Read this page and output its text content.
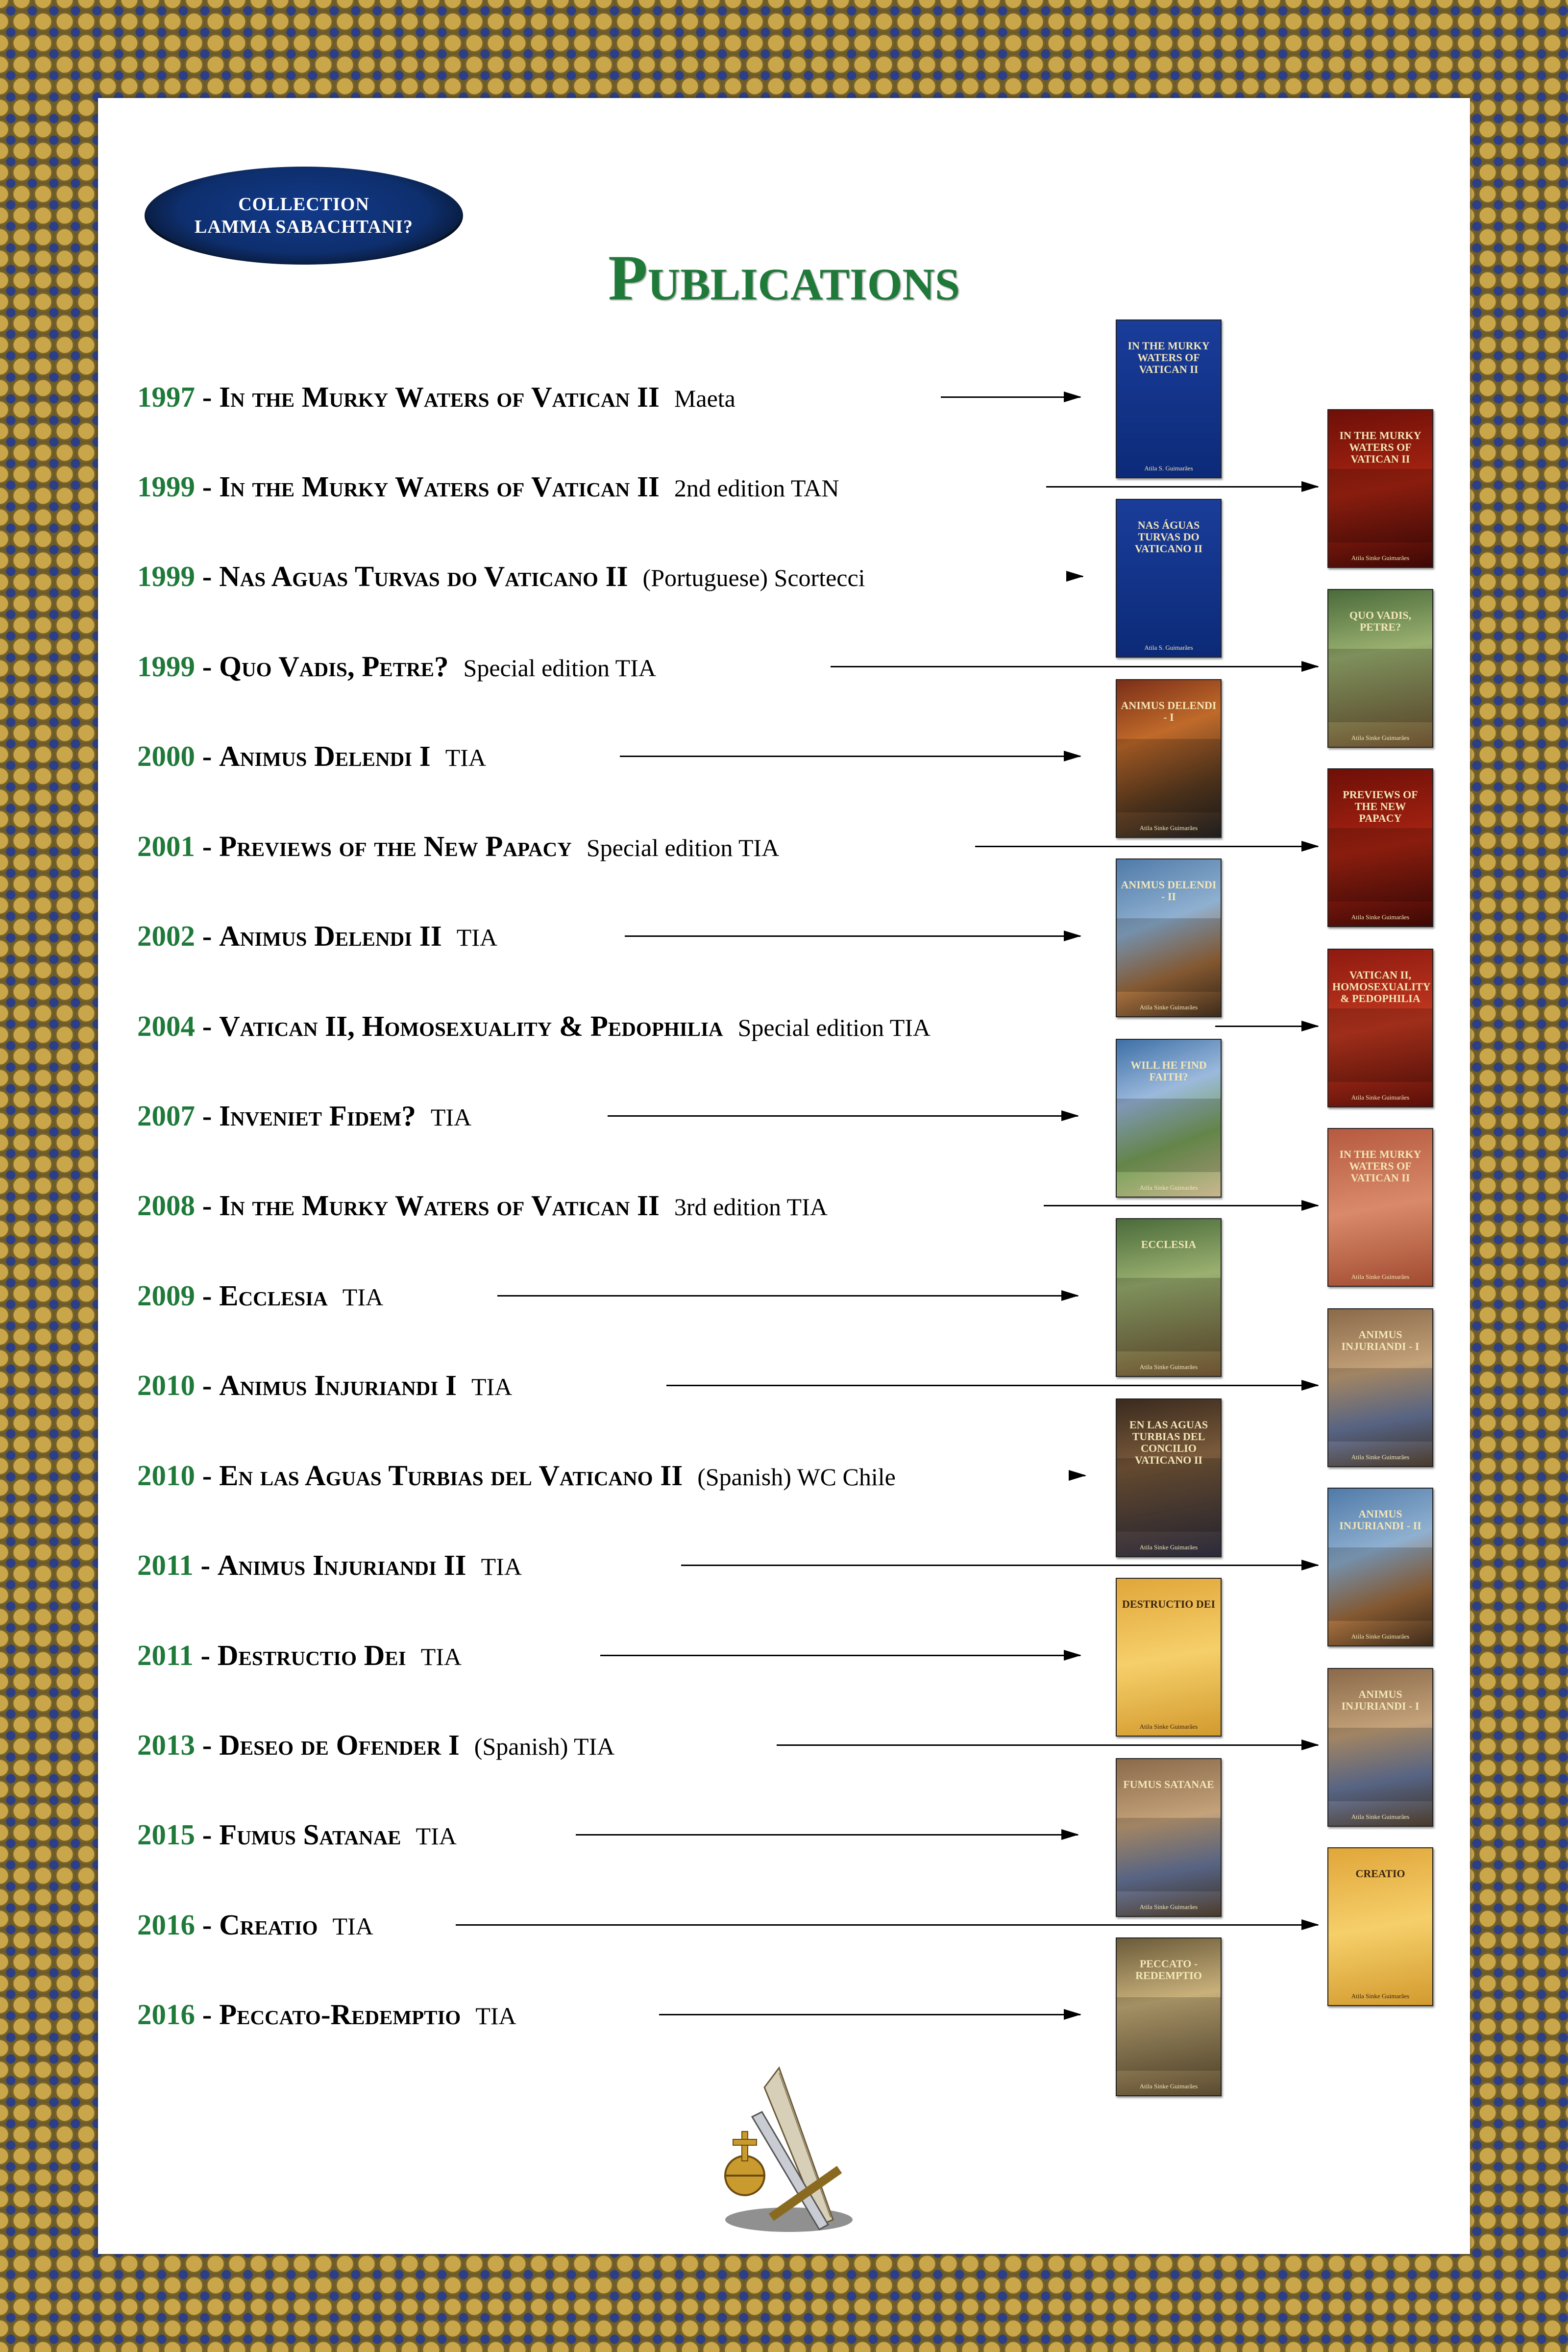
COLLECTION
LAMMA SABACHTANI?
Publications
1997 - In the Murky Waters of Vatican II Maeta
1999 - In the Murky Waters of Vatican II 2nd edition TAN
1999 - Nas Aguas Turvas do Vaticano II (Portuguese) Scortecci
1999 - Quo Vadis, Petre? Special edition TIA
2000 - Animus Delendi I TIA
2001 - Previews of the New Papacy Special edition TIA
2002 - Animus Delendi II TIA
2004 - Vatican II, Homosexuality & Pedophilia Special edition TIA
2007 - Inveniet Fidem? TIA
2008 - In the Murky Waters of Vatican II 3rd edition TIA
2009 - Ecclesia TIA
2010 - Animus Injuriandi I TIA
2010 - En las Aguas Turbias del Vaticano II (Spanish) WC Chile
2011 - Animus Injuriandi II TIA
2011 - Destructio Dei TIA
2013 - Deseo de Ofender I (Spanish) TIA
2015 - Fumus Satanae TIA
2016 - Creatio TIA
2016 - Peccato-Redemptio TIA
IN THE MURKY WATERS OF VATICAN II
Atila S. Guimarães
NAS ÁGUAS TURVAS DO VATICANO II
Atila S. Guimarães
ANIMUS DELENDI - I
Atila Sinke Guimarães
ANIMUS DELENDI - II
Atila Sinke Guimarães
WILL HE FIND FAITH?
Atila Sinke Guimarães
ECCLESIA
Atila Sinke Guimarães
EN LAS AGUAS TURBIAS DEL CONCILIO VATICANO II
Atila Sinke Guimarães
DESTRUCTIO DEI
Atila Sinke Guimarães
FUMUS SATANAE
Atila Sinke Guimarães
PECCATO - REDEMPTIO
Atila Sinke Guimarães
IN THE MURKY WATERS OF VATICAN II
Atila Sinke Guimarães
QUO VADIS, PETRE?
Atila Sinke Guimarães
PREVIEWS OF THE NEW PAPACY
Atila Sinke Guimarães
VATICAN II, HOMOSEXUALITY & PEDOPHILIA
Atila Sinke Guimarães
IN THE MURKY WATERS OF VATICAN II
Atila Sinke Guimarães
ANIMUS INJURIANDI - I
Atila Sinke Guimarães
ANIMUS INJURIANDI - II
Atila Sinke Guimarães
ANIMUS INJURIANDI - I
Atila Sinke Guimarães
CREATIO
Atila Sinke Guimarães
